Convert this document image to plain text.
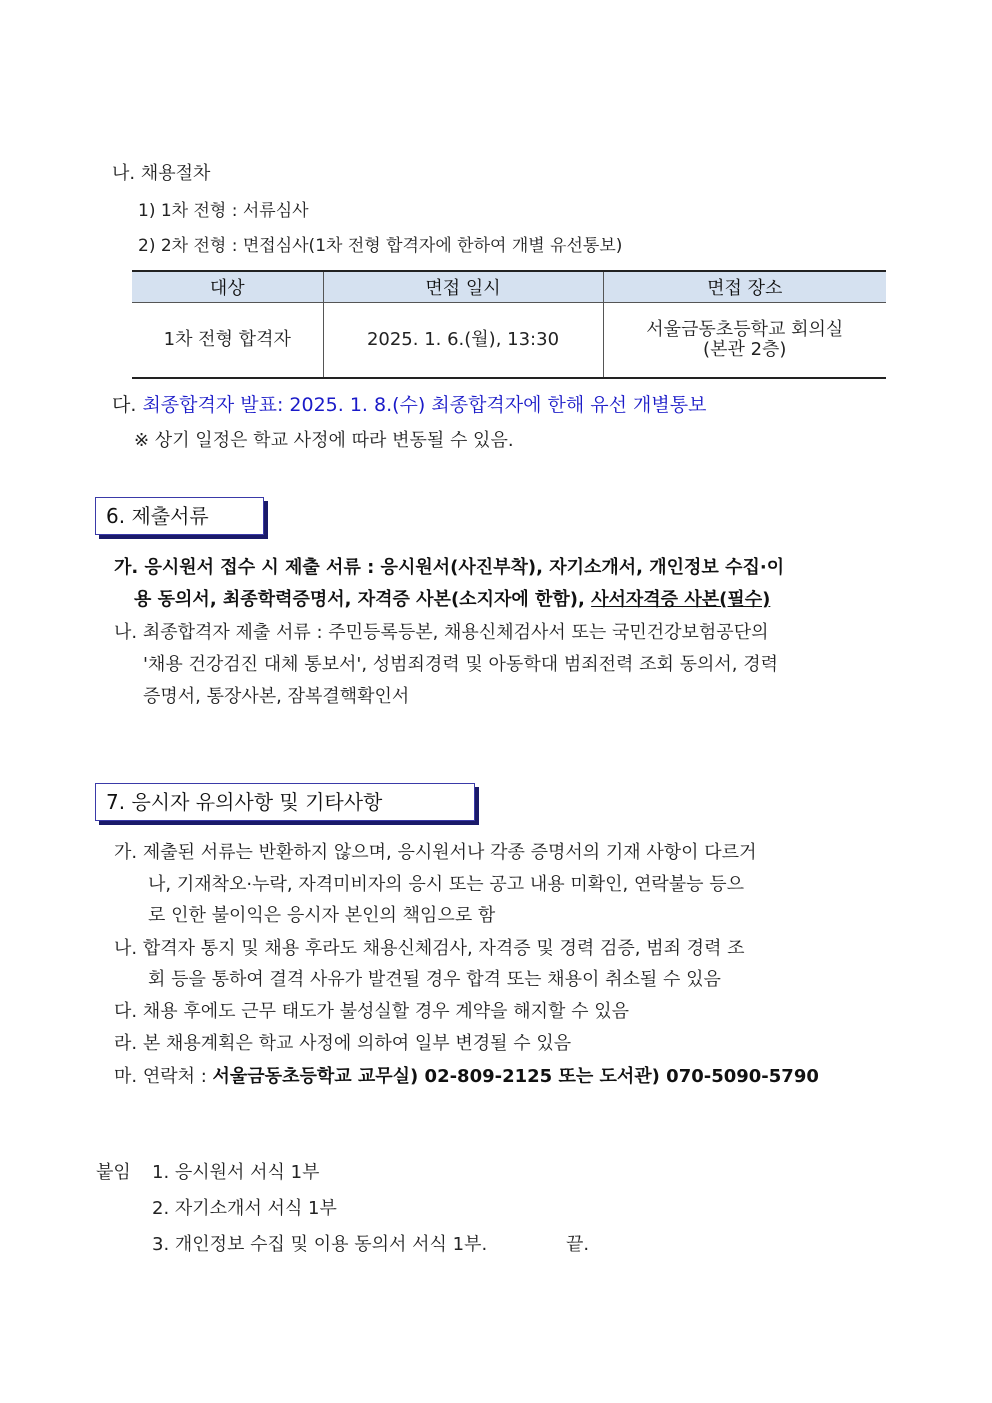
나. 채용절차
1) 1차 전형 : 서류심사
2) 2차 전형 : 면접심사(1차 전형 합격자에 한하여 개별 유선통보)
대상	면접 일시	면접 장소
1차 전형 합격자	2025. 1. 6.(월), 13:30	서울금동초등학교 회의실
(본관 2층)
다. 최종합격자 발표: 2025. 1. 8.(수) 최종합격자에 한해 유선 개별통보
※ 상기 일정은 학교 사정에 따라 변동될 수 있음.
6. 제출서류
가. 응시원서 접수 시 제출 서류 : 응시원서(사진부착), 자기소개서, 개인정보 수집·이
용 동의서, 최종학력증명서, 자격증 사본(소지자에 한함), 사서자격증 사본(필수)
나. 최종합격자 제출 서류 : 주민등록등본, 채용신체검사서 또는 국민건강보험공단의
'채용 건강검진 대체 통보서', 성범죄경력 및 아동학대 범죄전력 조회 동의서, 경력
증명서, 통장사본, 잠복결핵확인서
7. 응시자 유의사항 및 기타사항
가. 제출된 서류는 반환하지 않으며, 응시원서나 각종 증명서의 기재 사항이 다르거
나, 기재착오·누락, 자격미비자의 응시 또는 공고 내용 미확인, 연락불능 등으
로 인한 불이익은 응시자 본인의 책임으로 함
나. 합격자 통지 및 채용 후라도 채용신체검사, 자격증 및 경력 검증, 범죄 경력 조
회 등을 통하여 결격 사유가 발견될 경우 합격 또는 채용이 취소될 수 있음
다. 채용 후에도 근무 태도가 불성실할 경우 계약을 해지할 수 있음
라. 본 채용계획은 학교 사정에 의하여 일부 변경될 수 있음
마. 연락처 : 서울금동초등학교 교무실) 02-809-2125 또는 도서관) 070-5090-5790
붙임 1. 응시원서 서식 1부
2. 자기소개서 서식 1부
3. 개인정보 수집 및 이용 동의서 서식 1부.	끝.
